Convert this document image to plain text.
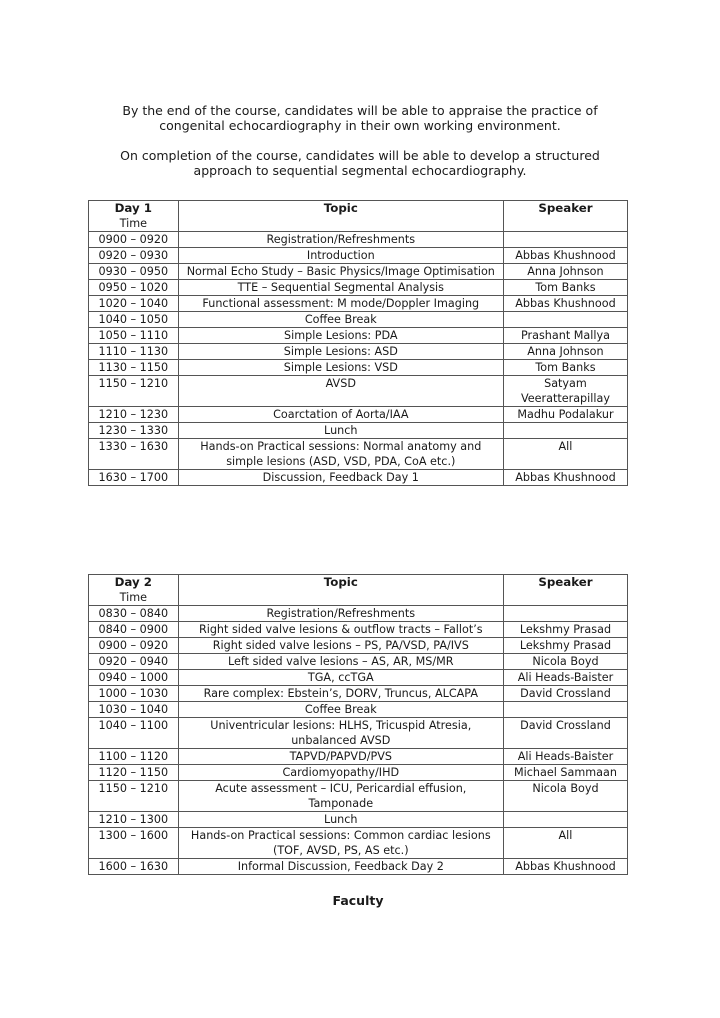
By the end of the course, candidates will be able to appraise the practice of congenital echocardiography in their own working environment.

On completion of the course, candidates will be able to develop a structured approach to sequential segmental echocardiography.

Day 1
Time	Topic	Speaker
0900 – 0920	Registration/Refreshments	
0920 – 0930	Introduction	Abbas Khushnood
0930 – 0950	Normal Echo Study – Basic Physics/Image Optimisation	Anna Johnson
0950 – 1020	TTE – Sequential Segmental Analysis	Tom Banks
1020 – 1040	Functional assessment: M mode/Doppler Imaging	Abbas Khushnood
1040 – 1050	Coffee Break	
1050 – 1110	Simple Lesions: PDA	Prashant Mallya
1110 – 1130	Simple Lesions: ASD	Anna Johnson
1130 – 1150	Simple Lesions: VSD	Tom Banks
1150 – 1210	AVSD	Satyam Veeratterapillay
1210 – 1230	Coarctation of Aorta/IAA	Madhu Podalakur
1230 – 1330	Lunch	
1330 – 1630	Hands-on Practical sessions: Normal anatomy and simple lesions (ASD, VSD, PDA, CoA etc.)	All
1630 – 1700	Discussion, Feedback Day 1	Abbas Khushnood
Day 2
Time	Topic	Speaker
0830 – 0840	Registration/Refreshments	
0840 – 0900	Right sided valve lesions & outflow tracts – Fallot’s	Lekshmy Prasad
0900 – 0920	Right sided valve lesions – PS, PA/VSD, PA/IVS	Lekshmy Prasad
0920 – 0940	Left sided valve lesions – AS, AR, MS/MR	Nicola Boyd
0940 – 1000	TGA, ccTGA	Ali Heads-Baister
1000 – 1030	Rare complex: Ebstein’s, DORV, Truncus, ALCAPA	David Crossland
1030 – 1040	Coffee Break	
1040 – 1100	Univentricular lesions: HLHS, Tricuspid Atresia, unbalanced AVSD	David Crossland
1100 – 1120	TAPVD/PAPVD/PVS	Ali Heads-Baister
1120 – 1150	Cardiomyopathy/IHD	Michael Sammaan
1150 – 1210	Acute assessment – ICU, Pericardial effusion, Tamponade	Nicola Boyd
1210 – 1300	Lunch	
1300 – 1600	Hands-on Practical sessions: Common cardiac lesions (TOF, AVSD, PS, AS etc.)	All
1600 – 1630	Informal Discussion, Feedback Day 2	Abbas Khushnood
Faculty
